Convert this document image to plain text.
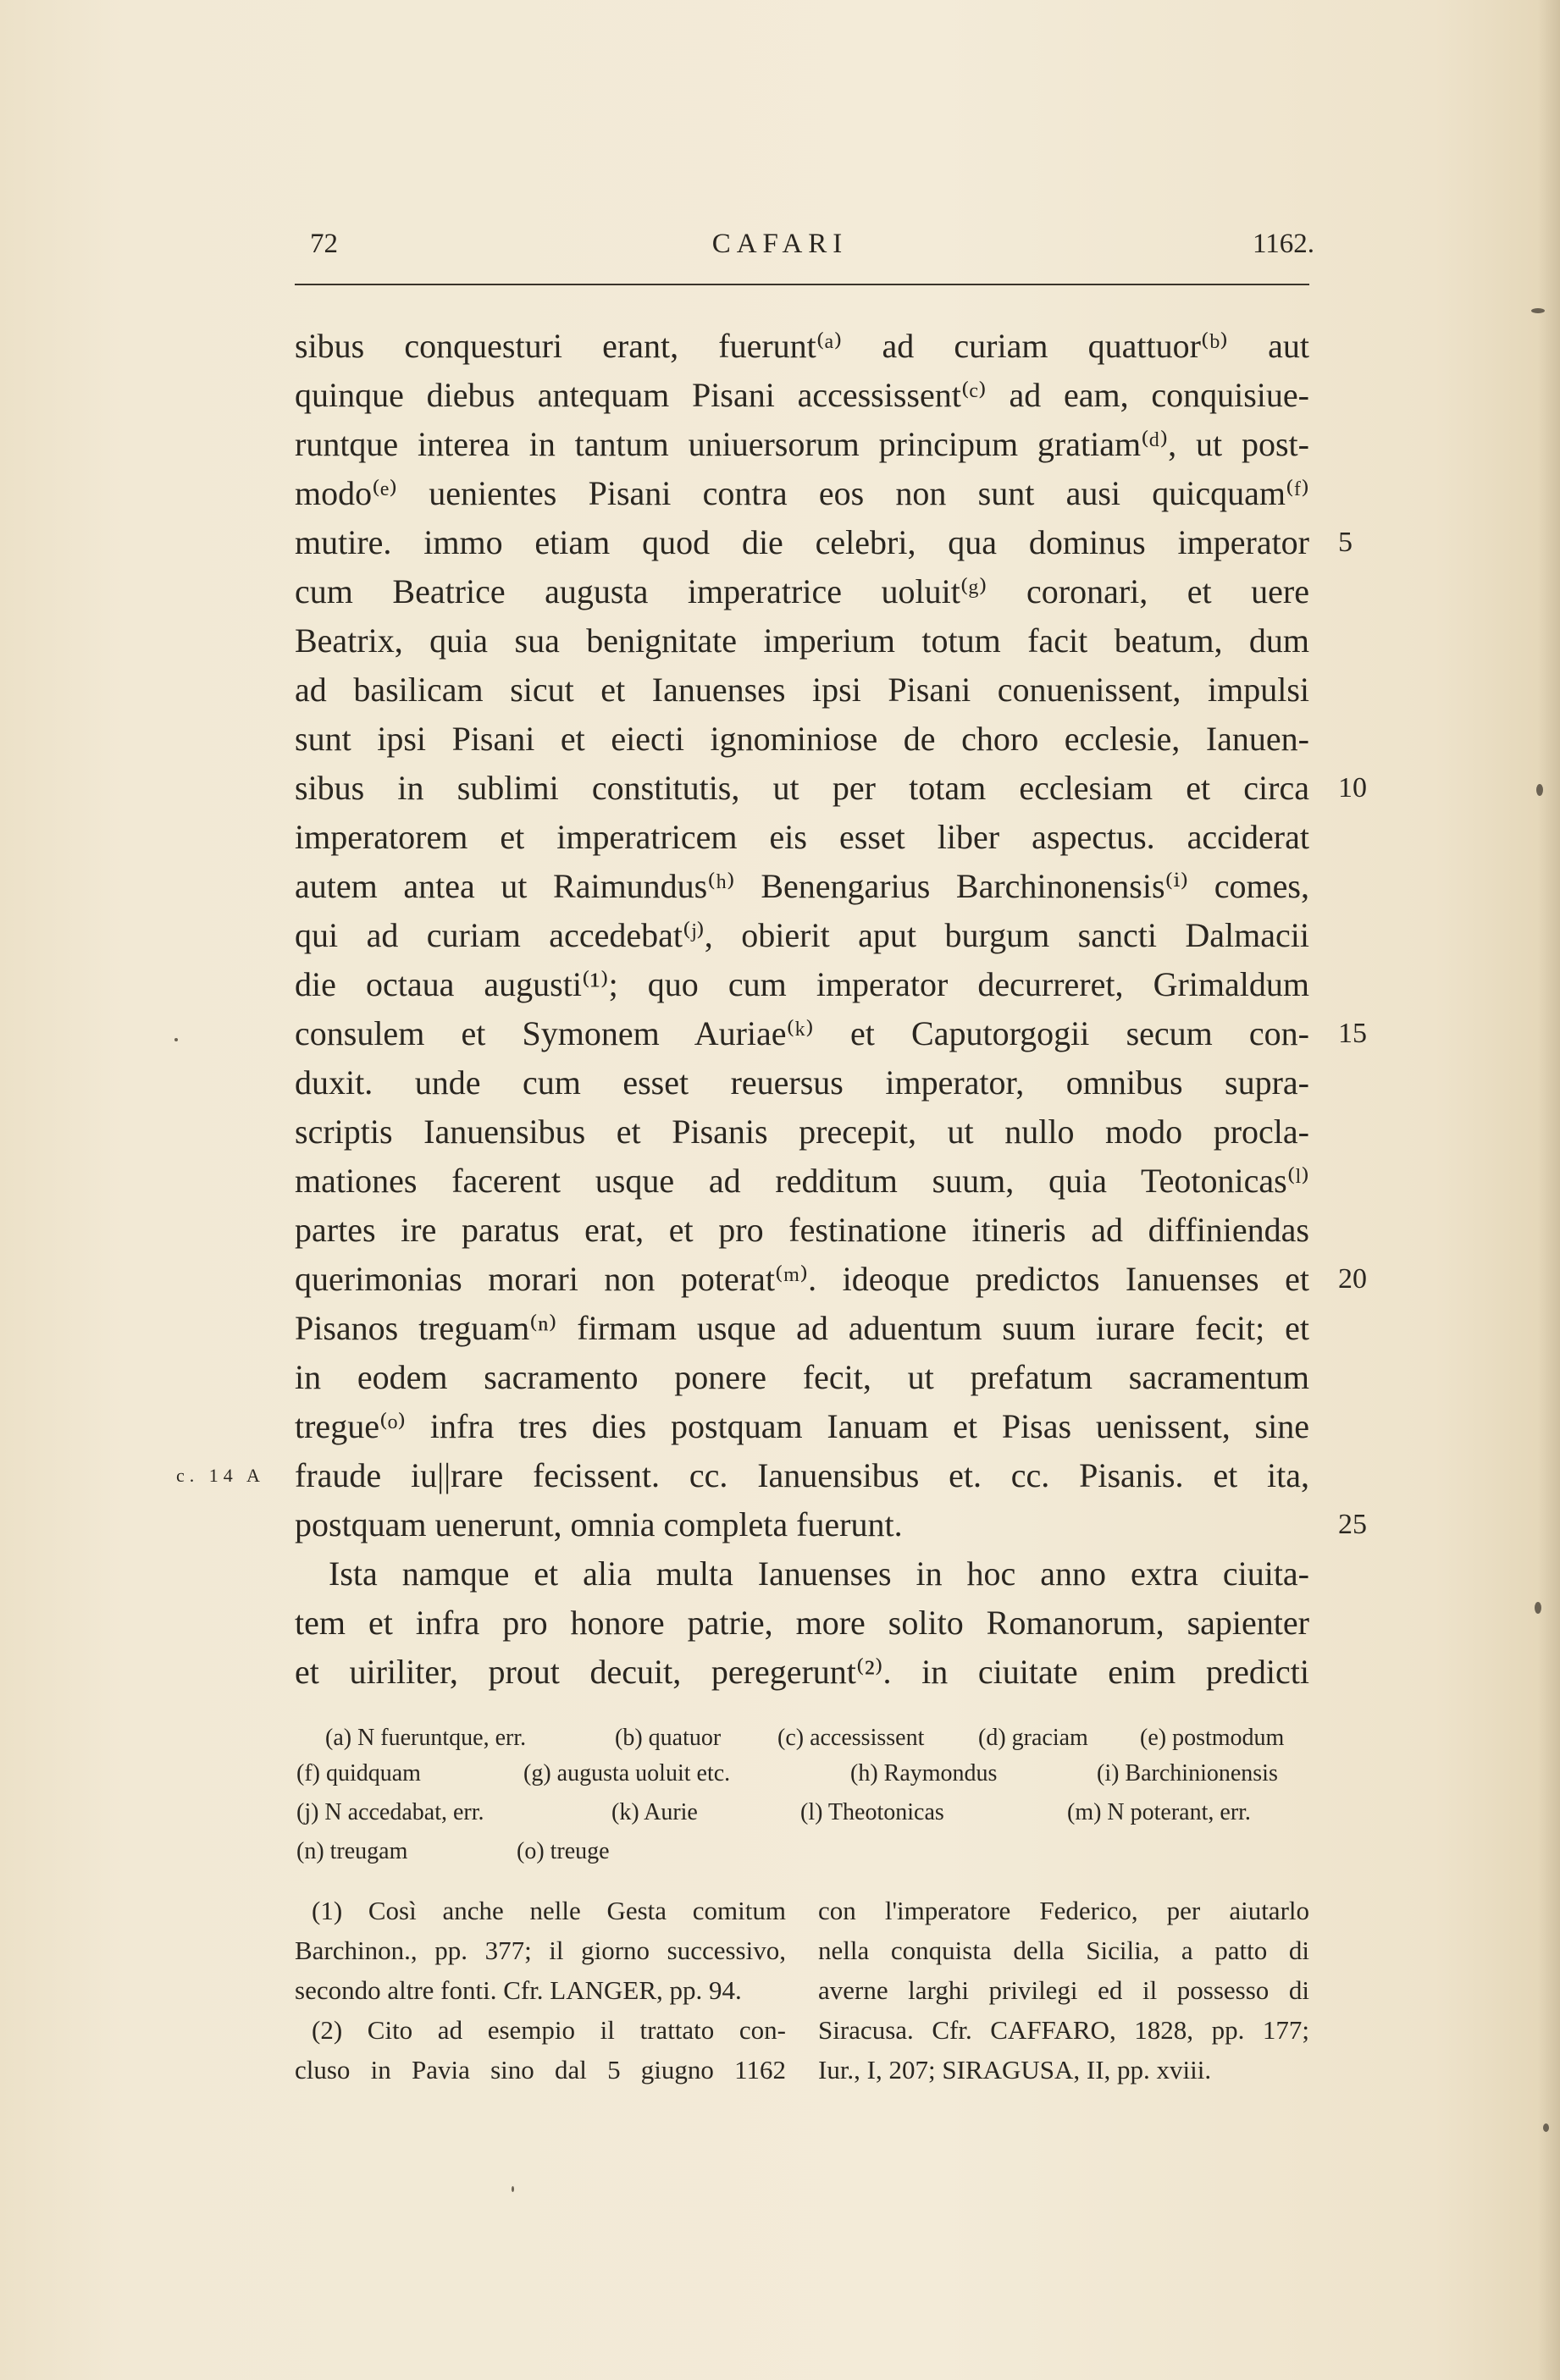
72	CAFARI	1162.
sibus conquesturi erant, fuerunt⁽ᵃ⁾ ad curiam quattuor⁽ᵇ⁾ aut
quinque diebus antequam Pisani accessissent⁽ᶜ⁾ ad eam, conquisiue-
runtque interea in tantum uniuersorum principum gratiam⁽ᵈ⁾, ut post-
modo⁽ᵉ⁾ uenientes Pisani contra eos non sunt ausi quicquam⁽ᶠ⁾
mutire. immo etiam quod die celebri, qua dominus imperator
cum Beatrice augusta imperatrice uoluit⁽ᵍ⁾ coronari, et uere
Beatrix, quia sua benignitate imperium totum facit beatum, dum
ad basilicam sicut et Ianuenses ipsi Pisani conuenissent, impulsi
sunt ipsi Pisani et eiecti ignominiose de choro ecclesie, Ianuen-
sibus in sublimi constitutis, ut per totam ecclesiam et circa
imperatorem et imperatricem eis esset liber aspectus. acciderat
autem antea ut Raimundus⁽ʰ⁾ Benengarius Barchinonensis⁽ⁱ⁾ comes,
qui ad curiam accedebat⁽ʲ⁾, obierit aput burgum sancti Dalmacii
die octaua augusti⁽¹⁾; quo cum imperator decurreret, Grimaldum
consulem et Symonem Auriae⁽ᵏ⁾ et Caputorgogii secum con-
duxit. unde cum esset reuersus imperator, omnibus supra-
scriptis Ianuensibus et Pisanis precepit, ut nullo modo procla-
mationes facerent usque ad redditum suum, quia Teotonicas⁽ˡ⁾
partes ire paratus erat, et pro festinatione itineris ad diffiniendas
querimonias morari non poterat⁽ᵐ⁾. ideoque predictos Ianuenses et
Pisanos treguam⁽ⁿ⁾ firmam usque ad aduentum suum iurare fecit; et
in eodem sacramento ponere fecit, ut prefatum sacramentum
tregue⁽ᵒ⁾ infra tres dies postquam Ianuam et Pisas uenissent, sine
fraude iu||rare fecissent. cc. Ianuensibus et. cc. Pisanis. et ita,
postquam uenerunt, omnia completa fuerunt.
Ista namque et alia multa Ianuenses in hoc anno extra ciuita-
tem et infra pro honore patrie, more solito Romanorum, sapienter
et uiriliter, prout decuit, peregerunt⁽²⁾. in ciuitate enim predicti
5
10
15
20
25
c. 14 A
(a) N fueruntque, err.	(b) quatuor (c) accessissent (d) graciam (e) postmodum
(f) quidquam	(g) augusta uoluit etc.	(h) Raymondus	(i) Barchinionensis
(j) N accedabat, err.	(k) Aurie	(l) Theotonicas	(m) N poterant, err.
(n) treugam	(o) treuge
(1) Così anche nelle Gesta comitum
Barchinon., pp. 377; il giorno successivo,
secondo altre fonti. Cfr. LANGER, pp. 94.
(2) Cito ad esempio il trattato con-
cluso in Pavia sino dal 5 giugno 1162
con l'imperatore Federico, per aiutarlo
nella conquista della Sicilia, a patto di
averne larghi privilegi ed il possesso di
Siracusa. Cfr. CAFFARO, 1828, pp. 177;
Iur., I, 207; SIRAGUSA, II, pp. xviii.
